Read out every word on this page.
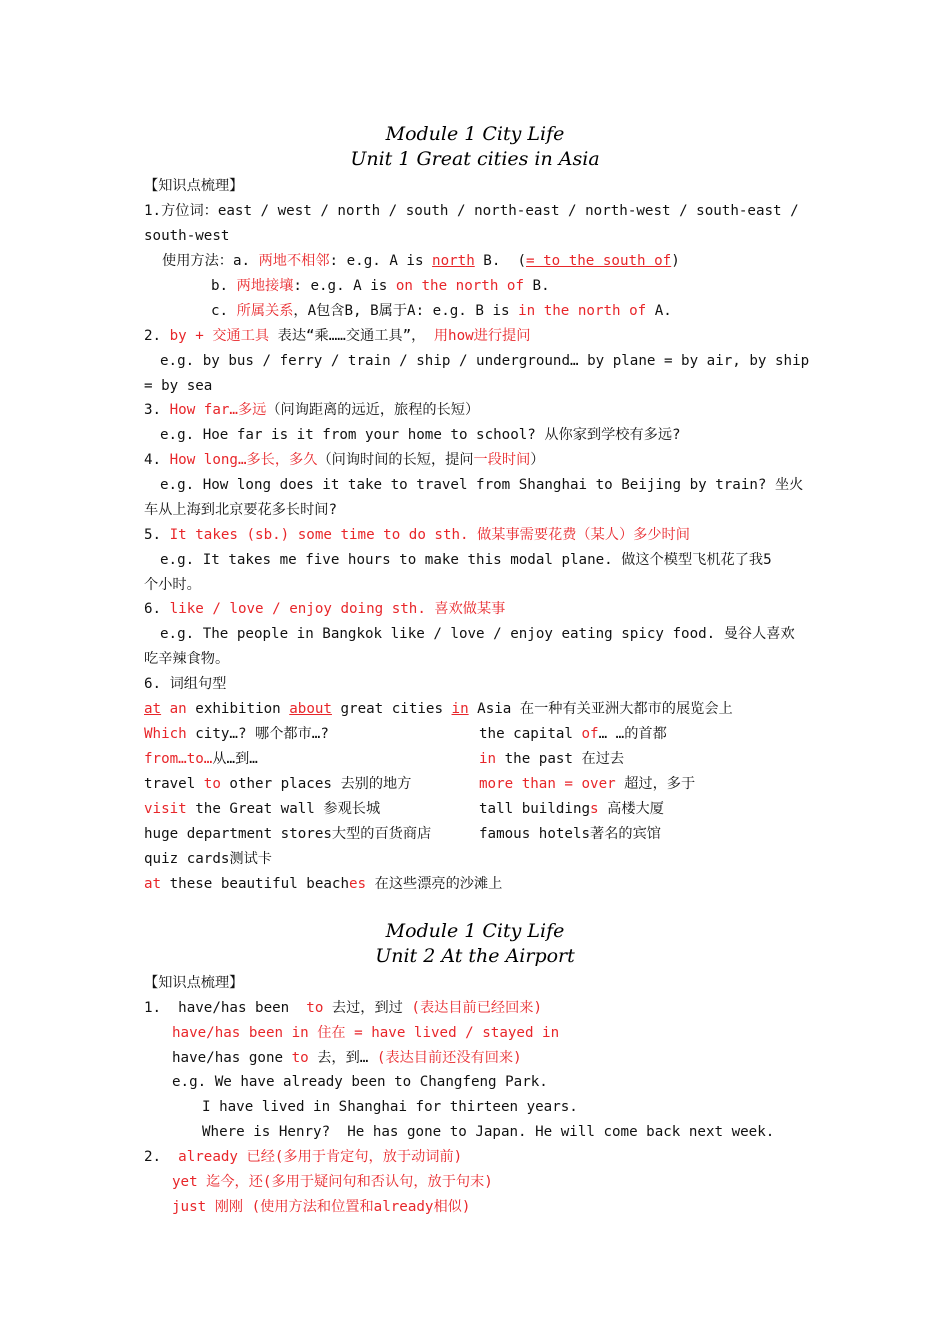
Module 1 City Life
Unit 1 Great cities in Asia
【知识点梳理】
1.方位词：east / west / north / south / north-east / north-west / south-east /
south-west
使用方法：a. 两地不相邻: e.g. A is north B.  (= to the south of)
b. 两地接壤: e.g. A is on the north of B.
c. 所属关系，A包含B, B属于A: e.g. B is in the north of A.
2. by + 交通工具 表达“乘……交通工具”， 用how进行提问
e.g. by bus / ferry / train / ship / underground… by plane = by air, by ship
= by sea
3. How far…多远（问询距离的远近，旅程的长短）
e.g. Hoe far is it from your home to school? 从你家到学校有多远?
4. How long…多长，多久（问询时间的长短，提问一段时间）
e.g. How long does it take to travel from Shanghai to Beijing by train? 坐火
车从上海到北京要花多长时间?
5. It takes (sb.) some time to do sth. 做某事需要花费（某人）多少时间
e.g. It takes me five hours to make this modal plane. 做这个模型飞机花了我5
个小时。
6. like / love / enjoy doing sth. 喜欢做某事
e.g. The people in Bangkok like / love / enjoy eating spicy food. 曼谷人喜欢
吃辛辣食物。
6. 词组句型
at an exhibition about great cities in Asia 在一种有关亚洲大都市的展览会上
Which city…? 哪个都市…?	the capital of… …的首都
from…to…从…到…	in the past 在过去
travel to other places 去别的地方	more than = over 超过，多于
visit the Great wall 参观长城	tall buildings 高楼大厦
huge department stores大型的百货商店	famous hotels著名的宾馆
quiz cards测试卡
at these beautiful beaches 在这些漂亮的沙滩上
Module 1 City Life
Unit 2 At the Airport
【知识点梳理】
1.  have/has been  to 去过，到过 (表达目前已经回来)
have/has been in 住在 = have lived / stayed in
have/has gone to 去，到… (表达目前还没有回来)
e.g. We have already been to Changfeng Park.
I have lived in Shanghai for thirteen years.
Where is Henry?  He has gone to Japan. He will come back next week.
2.  already 已经(多用于肯定句，放于动词前)
yet 迄今，还(多用于疑问句和否认句，放于句末)
just 刚刚 (使用方法和位置和already相似)
